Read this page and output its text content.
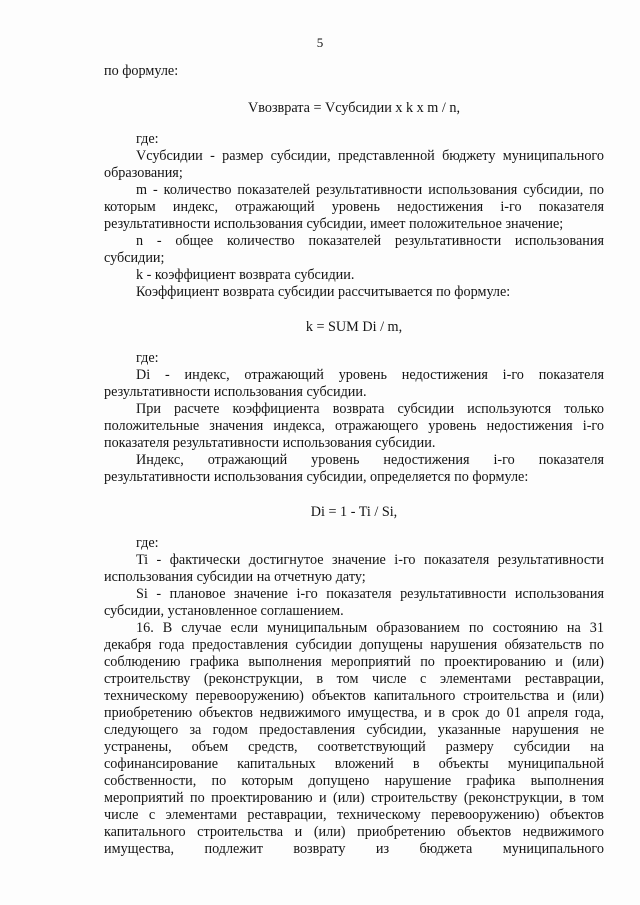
5

по формуле:

Vвозврата = Vсубсидии x k x m / n,

где:

Vсубсидии - размер субсидии, представленной бюджету муниципального образования;

m - количество показателей результативности использования субсидии, по которым индекс, отражающий уровень недостижения i-го показателя результативности использования субсидии, имеет положительное значение;

n - общее количество показателей результативности использования субсидии;

k - коэффициент возврата субсидии.

Коэффициент возврата субсидии рассчитывается по формуле:

k = SUM Di / m,

где:

Di - индекс, отражающий уровень недостижения i-го показателя результативности использования субсидии.

При расчете коэффициента возврата субсидии используются только положительные значения индекса, отражающего уровень недостижения i-го показателя результативности использования субсидии.

Индекс, отражающий уровень недостижения i-го показателя результативности использования субсидии, определяется по формуле:

Di = 1 - Ti / Si,

где:

Ti - фактически достигнутое значение i-го показателя результативности использования субсидии на отчетную дату;

Si - плановое значение i-го показателя результативности использования субсидии, установленное соглашением.

16. В случае если муниципальным образованием по состоянию на 31 декабря года предоставления субсидии допущены нарушения обязательств по соблюдению графика выполнения мероприятий по проектированию и (или) строительству (реконструкции, в том числе с элементами реставрации, техническому перевооружению) объектов капитального строительства и (или) приобретению объектов недвижимого имущества, и в срок до 01 апреля года, следующего за годом предоставления субсидии, указанные нарушения не устранены, объем средств, соответствующий размеру субсидии на софинансирование капитальных вложений в объекты муниципальной собственности, по которым допущено нарушение графика выполнения мероприятий по проектированию и (или) строительству (реконструкции, в том числе с элементами реставрации, техническому перевооружению) объектов капитального строительства и (или) приобретению объектов недвижимого имущества, подлежит возврату из бюджета муниципального
